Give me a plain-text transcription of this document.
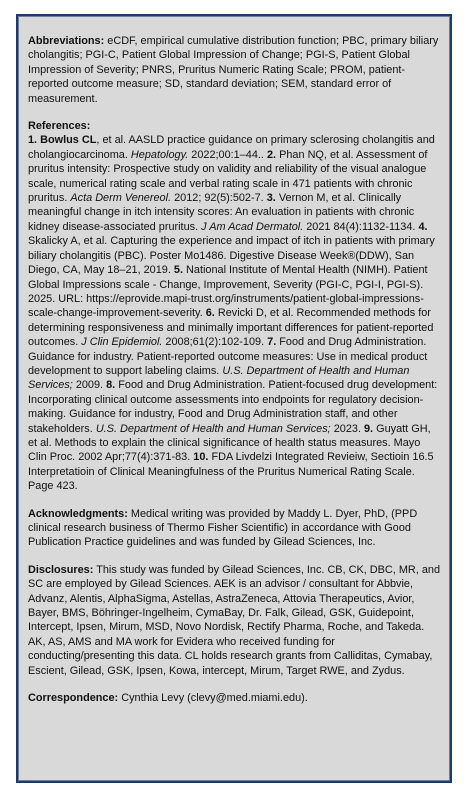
Abbreviations: eCDF, empirical cumulative distribution function; PBC, primary biliary cholangitis; PGI-C, Patient Global Impression of Change; PGI-S, Patient Global Impression of Severity; PNRS, Pruritus Numeric Rating Scale; PROM, patient-reported outcome measure; SD, standard deviation; SEM, standard error of measurement.

References:
1. Bowlus CL, et al. AASLD practice guidance on primary sclerosing cholangitis and cholangiocarcinoma. Hepatology. 2022;00:1–44.. 2. Phan NQ, et al. Assessment of pruritus intensity: Prospective study on validity and reliability of the visual analogue scale, numerical rating scale and verbal rating scale in 471 patients with chronic pruritus. Acta Derm Venereol. 2012; 92(5):502-7. 3. Vernon M, et al. Clinically meaningful change in itch intensity scores: An evaluation in patients with chronic kidney disease-associated pruritus. J Am Acad Dermatol. 2021 84(4):1132-1134. 4. Skalicky A, et al. Capturing the experience and impact of itch in patients with primary biliary cholangitis (PBC). Poster Mo1486. Digestive Disease Week®(DDW), San Diego, CA, May 18–21, 2019. 5. National Institute of Mental Health (NIMH). Patient Global Impressions scale - Change, Improvement, Severity (PGI-C, PGI-I, PGI-S). 2025. URL: https://eprovide.mapi-trust.org/instruments/patient-global-impressions-scale-change-improvement-severity. 6. Revicki D, et al. Recommended methods for determining responsiveness and minimally important differences for patient-reported outcomes. J Clin Epidemiol. 2008;61(2):102-109. 7. Food and Drug Administration. Guidance for industry. Patient-reported outcome measures: Use in medical product development to support labeling claims. U.S. Department of Health and Human Services; 2009. 8. Food and Drug Administration. Patient-focused drug development: Incorporating clinical outcome assessments into endpoints for regulatory decision-making. Guidance for industry, Food and Drug Administration staff, and other stakeholders. U.S. Department of Health and Human Services; 2023. 9. Guyatt GH, et al. Methods to explain the clinical significance of health status measures. Mayo Clin Proc. 2002 Apr;77(4):371-83. 10. FDA Livdelzi Integrated Revieiw, Sectioin 16.5 Interpretatioin of Clinical Meaningfulness of the Pruritus Numerical Rating Scale. Page 423.

Acknowledgments: Medical writing was provided by Maddy L. Dyer, PhD, (PPD clinical research business of Thermo Fisher Scientific) in accordance with Good Publication Practice guidelines and was funded by Gilead Sciences, Inc.

Disclosures: This study was funded by Gilead Sciences, Inc. CB, CK, DBC, MR, and SC are employed by Gilead Sciences. AEK is an advisor / consultant for Abbvie, Advanz, Alentis, AlphaSigma, Astellas, AstraZeneca, Attovia Therapeutics, Avior, Bayer, BMS, Böhringer-Ingelheim, CymaBay, Dr. Falk, Gilead, GSK, Guidepoint, Intercept, Ipsen, Mirum, MSD, Novo Nordisk, Rectify Pharma, Roche, and Takeda. AK, AS, AMS and MA work for Evidera who received funding for conducting/presenting this data. CL holds research grants from Calliditas, Cymabay, Escient, Gilead, GSK, Ipsen, Kowa, intercept, Mirum, Target RWE, and Zydus.

Correspondence: Cynthia Levy (clevy@med.miami.edu).
